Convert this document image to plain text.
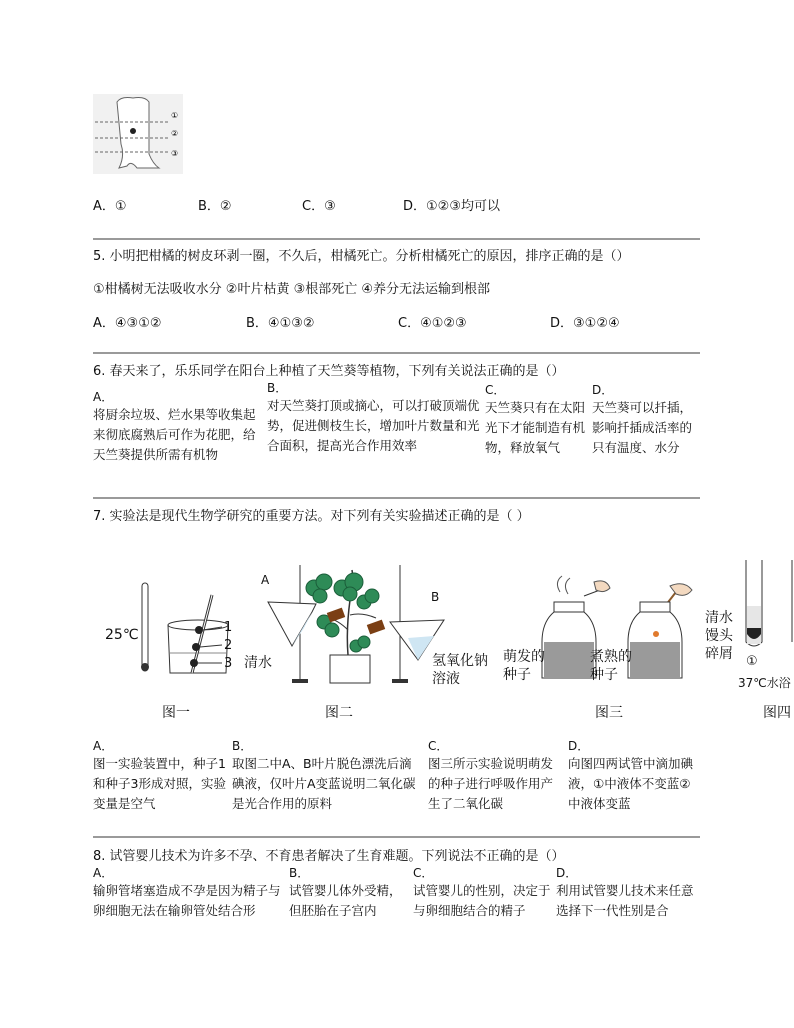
①
②
③
A．①	B．②	C．③	D．①②③均可以
5. 小明把柑橘的树皮环剥一圈，不久后，柑橘死亡。分析柑橘死亡的原因，排序正确的是（）
①柑橘树无法吸收水分 ②叶片枯黄 ③根部死亡 ④养分无法运输到根部
A．④③①②	B．④①③②	C．④①②③	D．③①②④
6. 春天来了，乐乐同学在阳台上种植了天竺葵等植物，下列有关说法正确的是（）
A．
将厨余垃圾、烂水果等收集起来彻底腐熟后可作为花肥，给天竺葵提供所需有机物
B．
对天竺葵打顶或摘心，可以打破顶端优势，促进侧枝生长，增加叶片数量和光合面积，提高光合作用效率
C．
天竺葵只有在太阳光下才能制造有机物，释放氧气
D．
天竺葵可以扦插，影响扦插成活率的只有温度、水分
7. 实验法是现代生物学研究的重要方法。对下列有关实验描述正确的是（ ）
25℃	1
2
3
图一
A
B
清水	氢氧化钠
溶液
图二
萌发的
种子
煮熟的
种子
图三
清水
馒头
碎屑 ①
37℃水浴
图四
A．
图一实验装置中，种子1和种子3形成对照，实验变量是空气
B．
取图二中A、B叶片脱色漂洗后滴碘液，仅叶片A变蓝说明二氧化碳是光合作用的原料
C．
图三所示实验说明萌发的种子进行呼吸作用产生了二氧化碳
D．
向图四两试管中滴加碘液，①中液体不变蓝②中液体变蓝
8. 试管婴儿技术为许多不孕、不育患者解决了生育难题。下列说法不正确的是（）
A．
输卵管堵塞造成不孕是因为精子与卵细胞无法在输卵管处结合形
B．
试管婴儿体外受精，但胚胎在子宫内
C．
试管婴儿的性别，决定于与卵细胞结合的精子
D．
利用试管婴儿技术来任意选择下一代性别是合
